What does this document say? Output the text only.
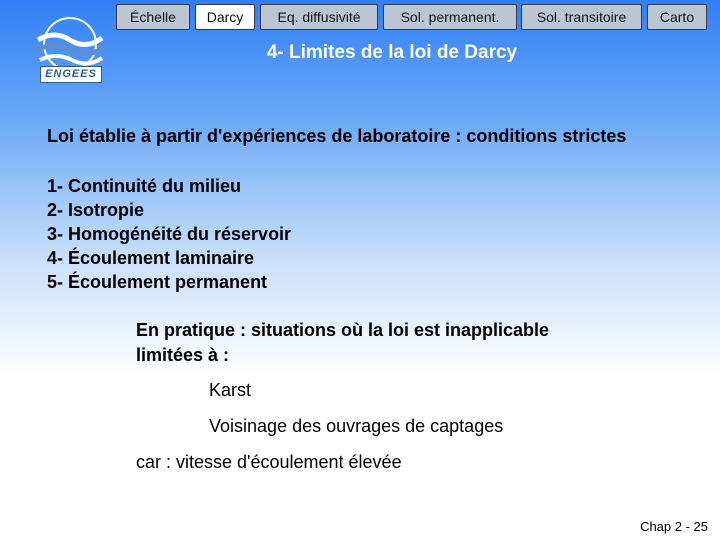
ENGEES
Échelle	Darcy	Eq. diffusivité	Sol. permanent.	Sol. transitoire	Carto
4- Limites de la loi de Darcy
Loi établie à partir d'expériences de laboratoire : conditions strictes
1- Continuité du milieu
2- Isotropie
3- Homogénéité du réservoir
4- Écoulement laminaire
5- Écoulement permanent
En pratique : situations où la loi est inapplicable
limitées à :
Karst
Voisinage des ouvrages de captages
car : vitesse d'écoulement élevée
Chap 2 - 25
